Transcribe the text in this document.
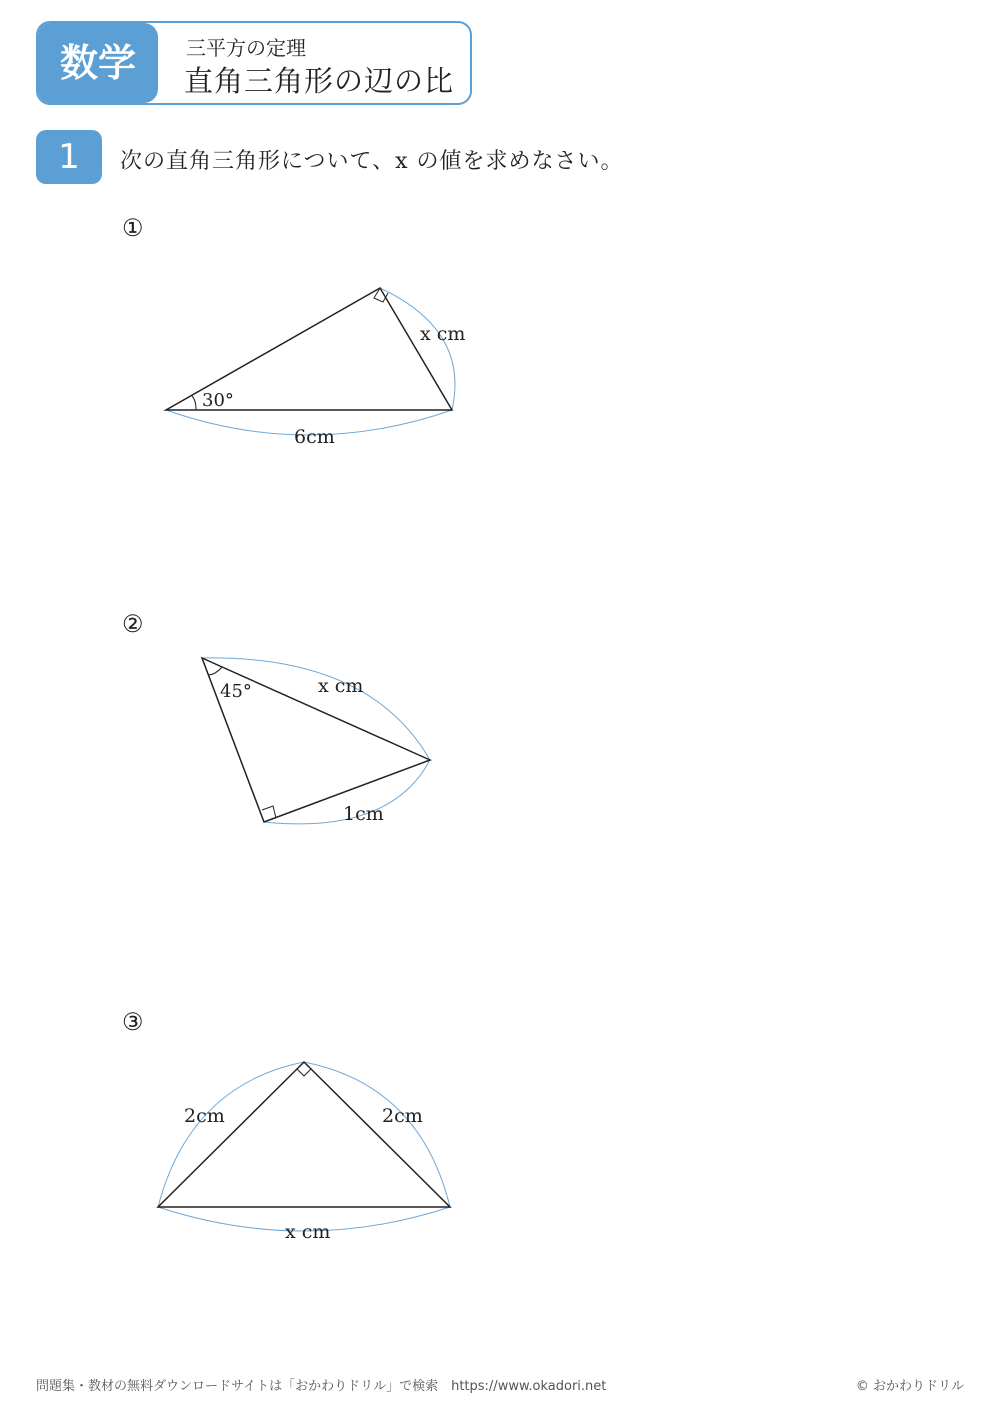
数学	三平方の定理
直角三角形の辺の比
1	次の直角三角形について、x の値を求めなさい。
①
②
③
30°
x cm
6cm
45°	x cm
1cm
2cm	2cm
x cm
問題集・教材の無料ダウンロードサイトは「おかわりドリル」で検索　https://www.okadori.net	© おかわりドリル
